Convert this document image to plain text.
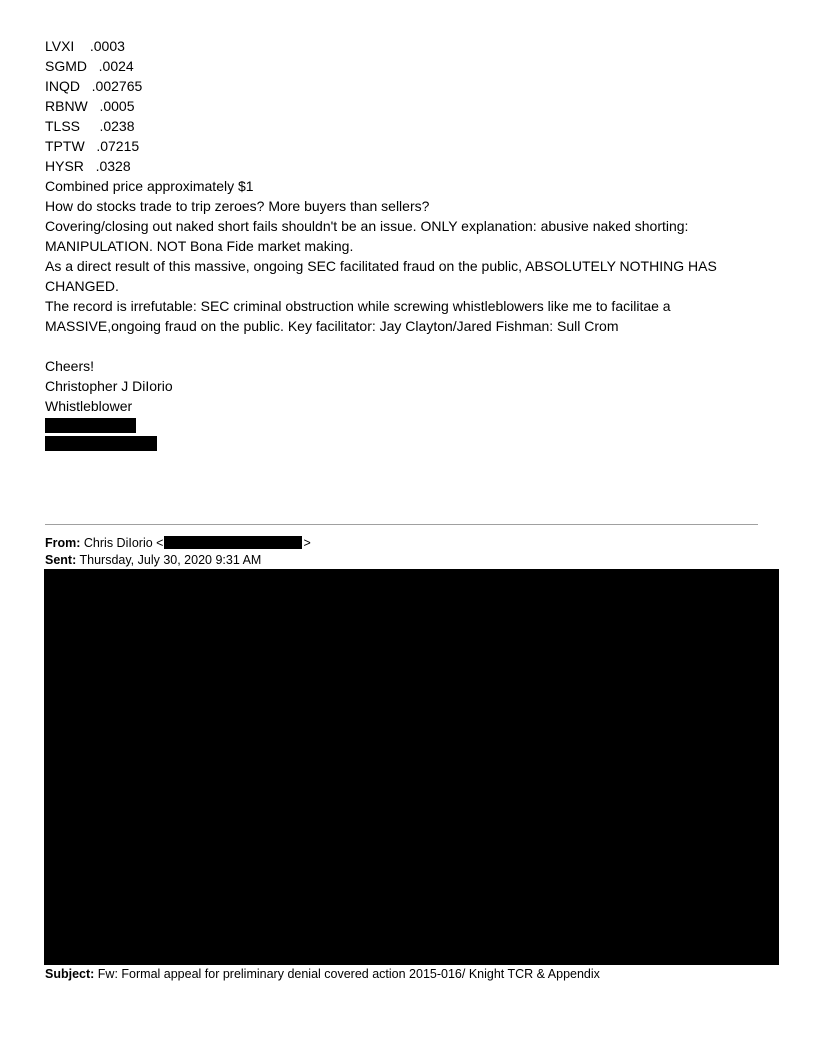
LVXI .0003
SGMD .0024
INQD .002765
RBNW .0005
TLSS .0238
TPTW .07215
HYSR .0328
Combined price approximately $1
How do stocks trade to trip zeroes? More buyers than sellers?
Covering/closing out naked short fails shouldn't be an issue. ONLY explanation: abusive naked shorting: MANIPULATION. NOT Bona Fide market making.
As a direct result of this massive, ongoing SEC facilitated fraud on the public, ABSOLUTELY NOTHING HAS CHANGED.
The record is irrefutable: SEC criminal obstruction while screwing whistleblowers like me to facilitae a MASSIVE,ongoing fraud on the public. Key facilitator: Jay Clayton/Jared Fishman: Sull Crom
Cheers!
Christopher J DiIorio
Whistleblower
From: Chris DiIorio <	>
Sent: Thursday, July 30, 2020 9:31 AM
Subject: Fw: Formal appeal for preliminary denial covered action 2015-016/ Knight TCR & Appendix
